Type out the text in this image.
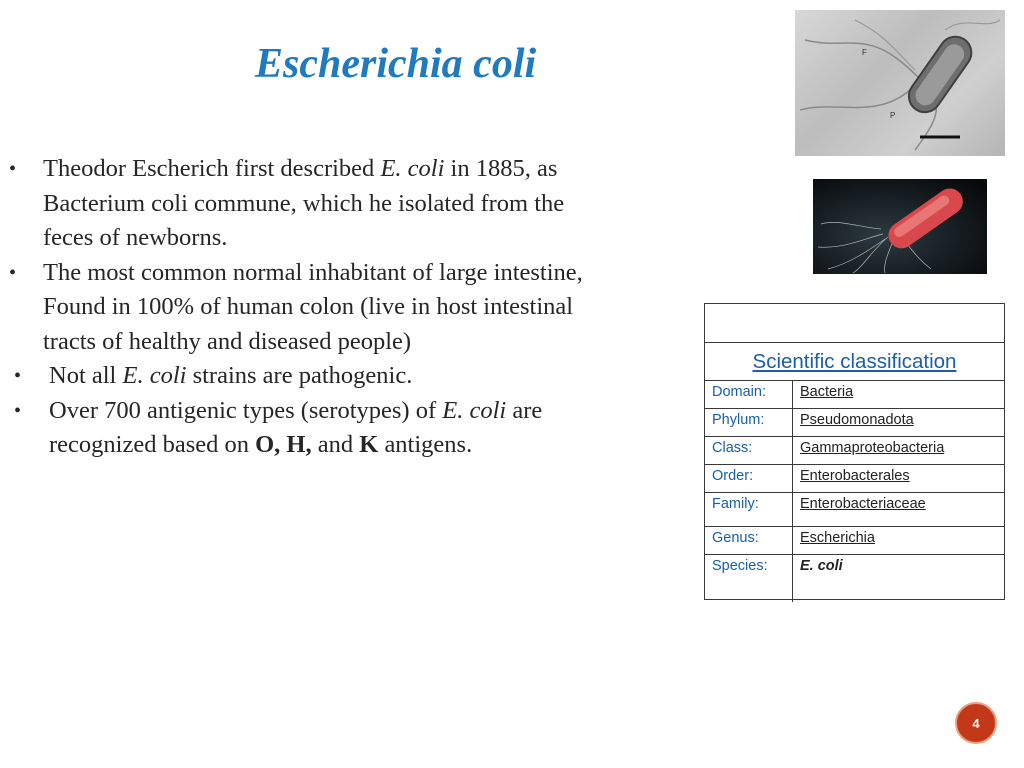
Escherichia coli
• Theodor Escherich first described E. coli in 1885, as Bacterium coli commune, which he isolated from the feces of newborns.
• The most common normal inhabitant of large intestine, Found in 100% of human colon (live in host intestinal tracts of healthy and diseased people)
• Not all E. coli strains are pathogenic.
• Over 700 antigenic types (serotypes) of E. coli are recognized based on O, H, and K antigens.
F
P
Scientific classification
Domain:	Bacteria
Phylum:	Pseudomonadota
Class:	Gammaproteobacteria
Order:	Enterobacterales
Family:	Enterobacteriaceae
Genus:	Escherichia
Species:	E. coli
4
